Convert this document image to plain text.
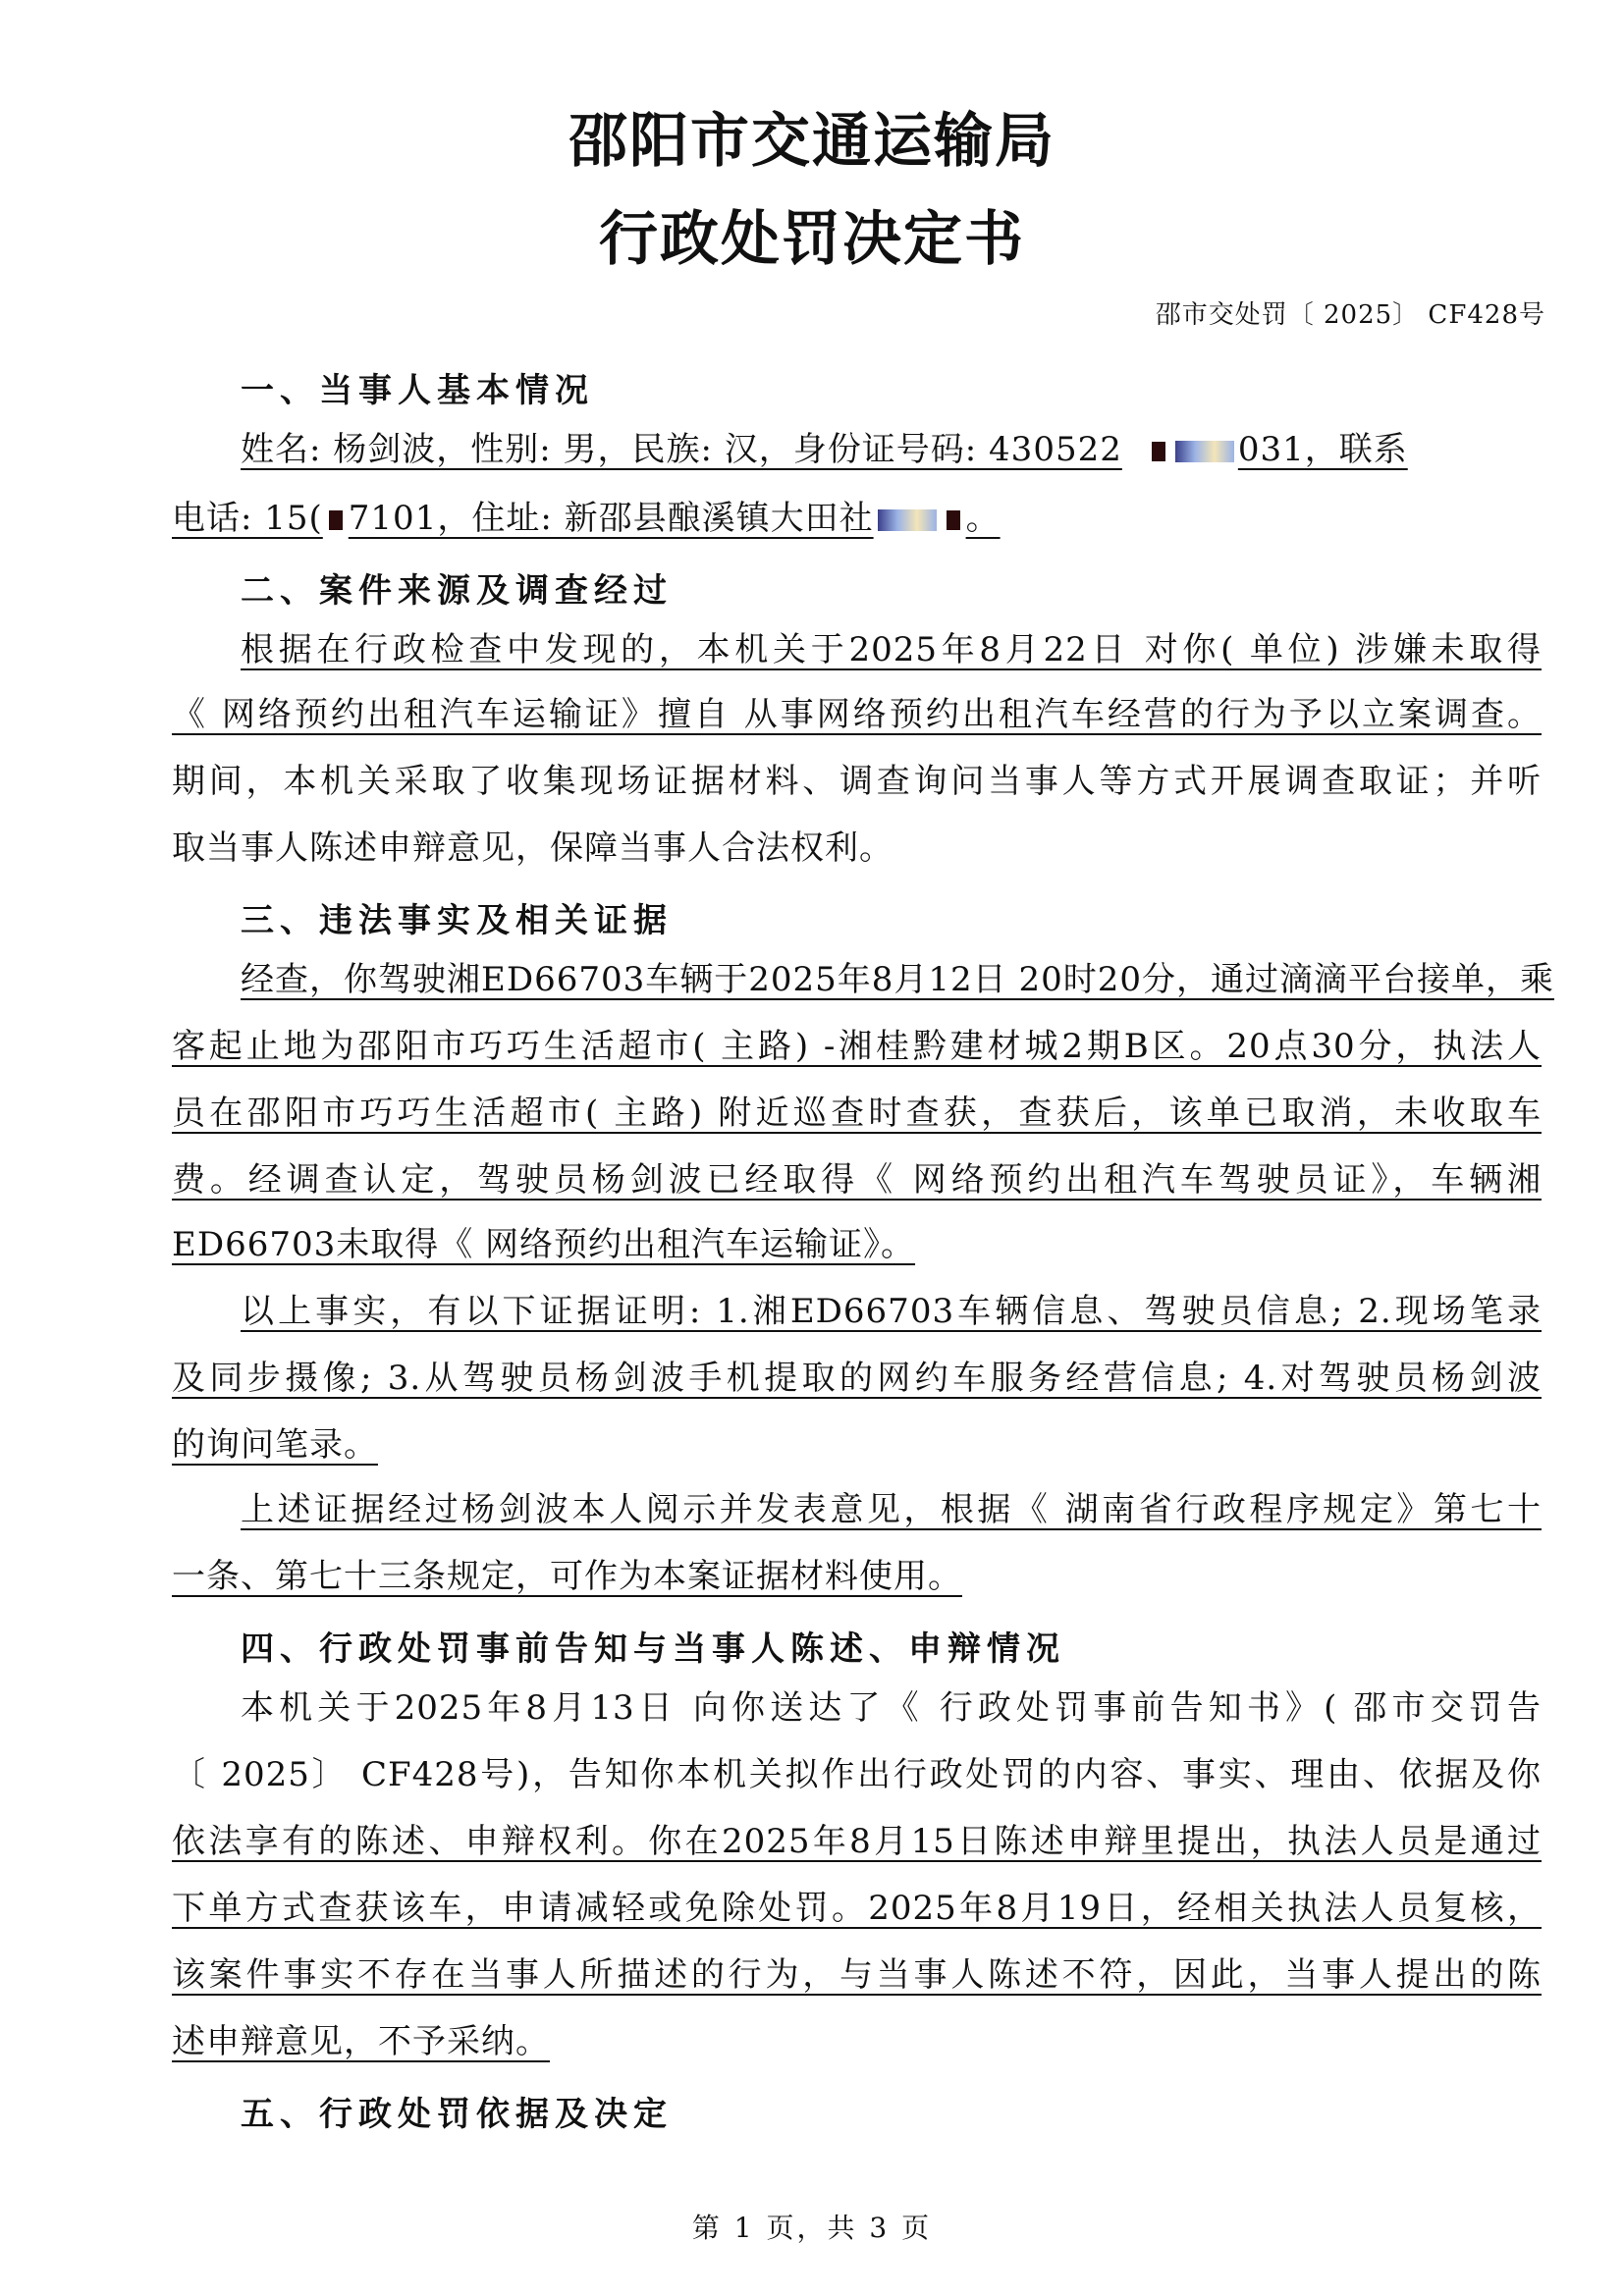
邵阳市交通运输局
行政处罚决定书
邵市交处罚〔 2025〕 CF428号
一、当事人基本情况
姓名: 杨剑波，性别: 男，民族: 汉，身份证号码: 430522	031，联系
电话: 15( 7101，住址: 新邵县酿溪镇大田社	。
二、案件来源及调查经过
根据在行政检查中发现的，本机关于2025年8月22日 对你( 单位) 涉嫌未取得
《 网络预约出租汽车运输证》擅自 从事网络预约出租汽车经营的行为予以立案调查。
期间，本机关采取了收集现场证据材料、调查询问当事人等方式开展调查取证；并听
取当事人陈述申辩意见，保障当事人合法权利。
三、违法事实及相关证据
经查，你驾驶湘ED66703车辆于2025年8月12日 20时20分，通过滴滴平台接单，乘
客起止地为邵阳市巧巧生活超市( 主路) -湘桂黔建材城2期B区。20点30分，执法人
员在邵阳市巧巧生活超市( 主路) 附近巡查时查获，查获后，该单已取消，未收取车
费。经调查认定，驾驶员杨剑波已经取得《 网络预约出租汽车驾驶员证》，车辆湘
ED66703未取得《 网络预约出租汽车运输证》。
以上事实，有以下证据证明: 1.湘ED66703车辆信息、驾驶员信息; 2.现场笔录
及同步摄像; 3.从驾驶员杨剑波手机提取的网约车服务经营信息; 4.对驾驶员杨剑波
的询问笔录。
上述证据经过杨剑波本人阅示并发表意见，根据《 湖南省行政程序规定》第七十
一条、第七十三条规定，可作为本案证据材料使用。
四、行政处罚事前告知与当事人陈述、申辩情况
本机关于2025年8月13日 向你送达了《 行政处罚事前告知书》( 邵市交罚告
〔 2025〕 CF428号)，告知你本机关拟作出行政处罚的内容、事实、理由、依据及你
依法享有的陈述、申辩权利。你在2025年8月15日陈述申辩里提出，执法人员是通过
下单方式查获该车，申请减轻或免除处罚。2025年8月19日，经相关执法人员复核，
该案件事实不存在当事人所描述的行为，与当事人陈述不符，因此，当事人提出的陈
述申辩意见，不予采纳。
五、行政处罚依据及决定
第 1 页，共 3 页
